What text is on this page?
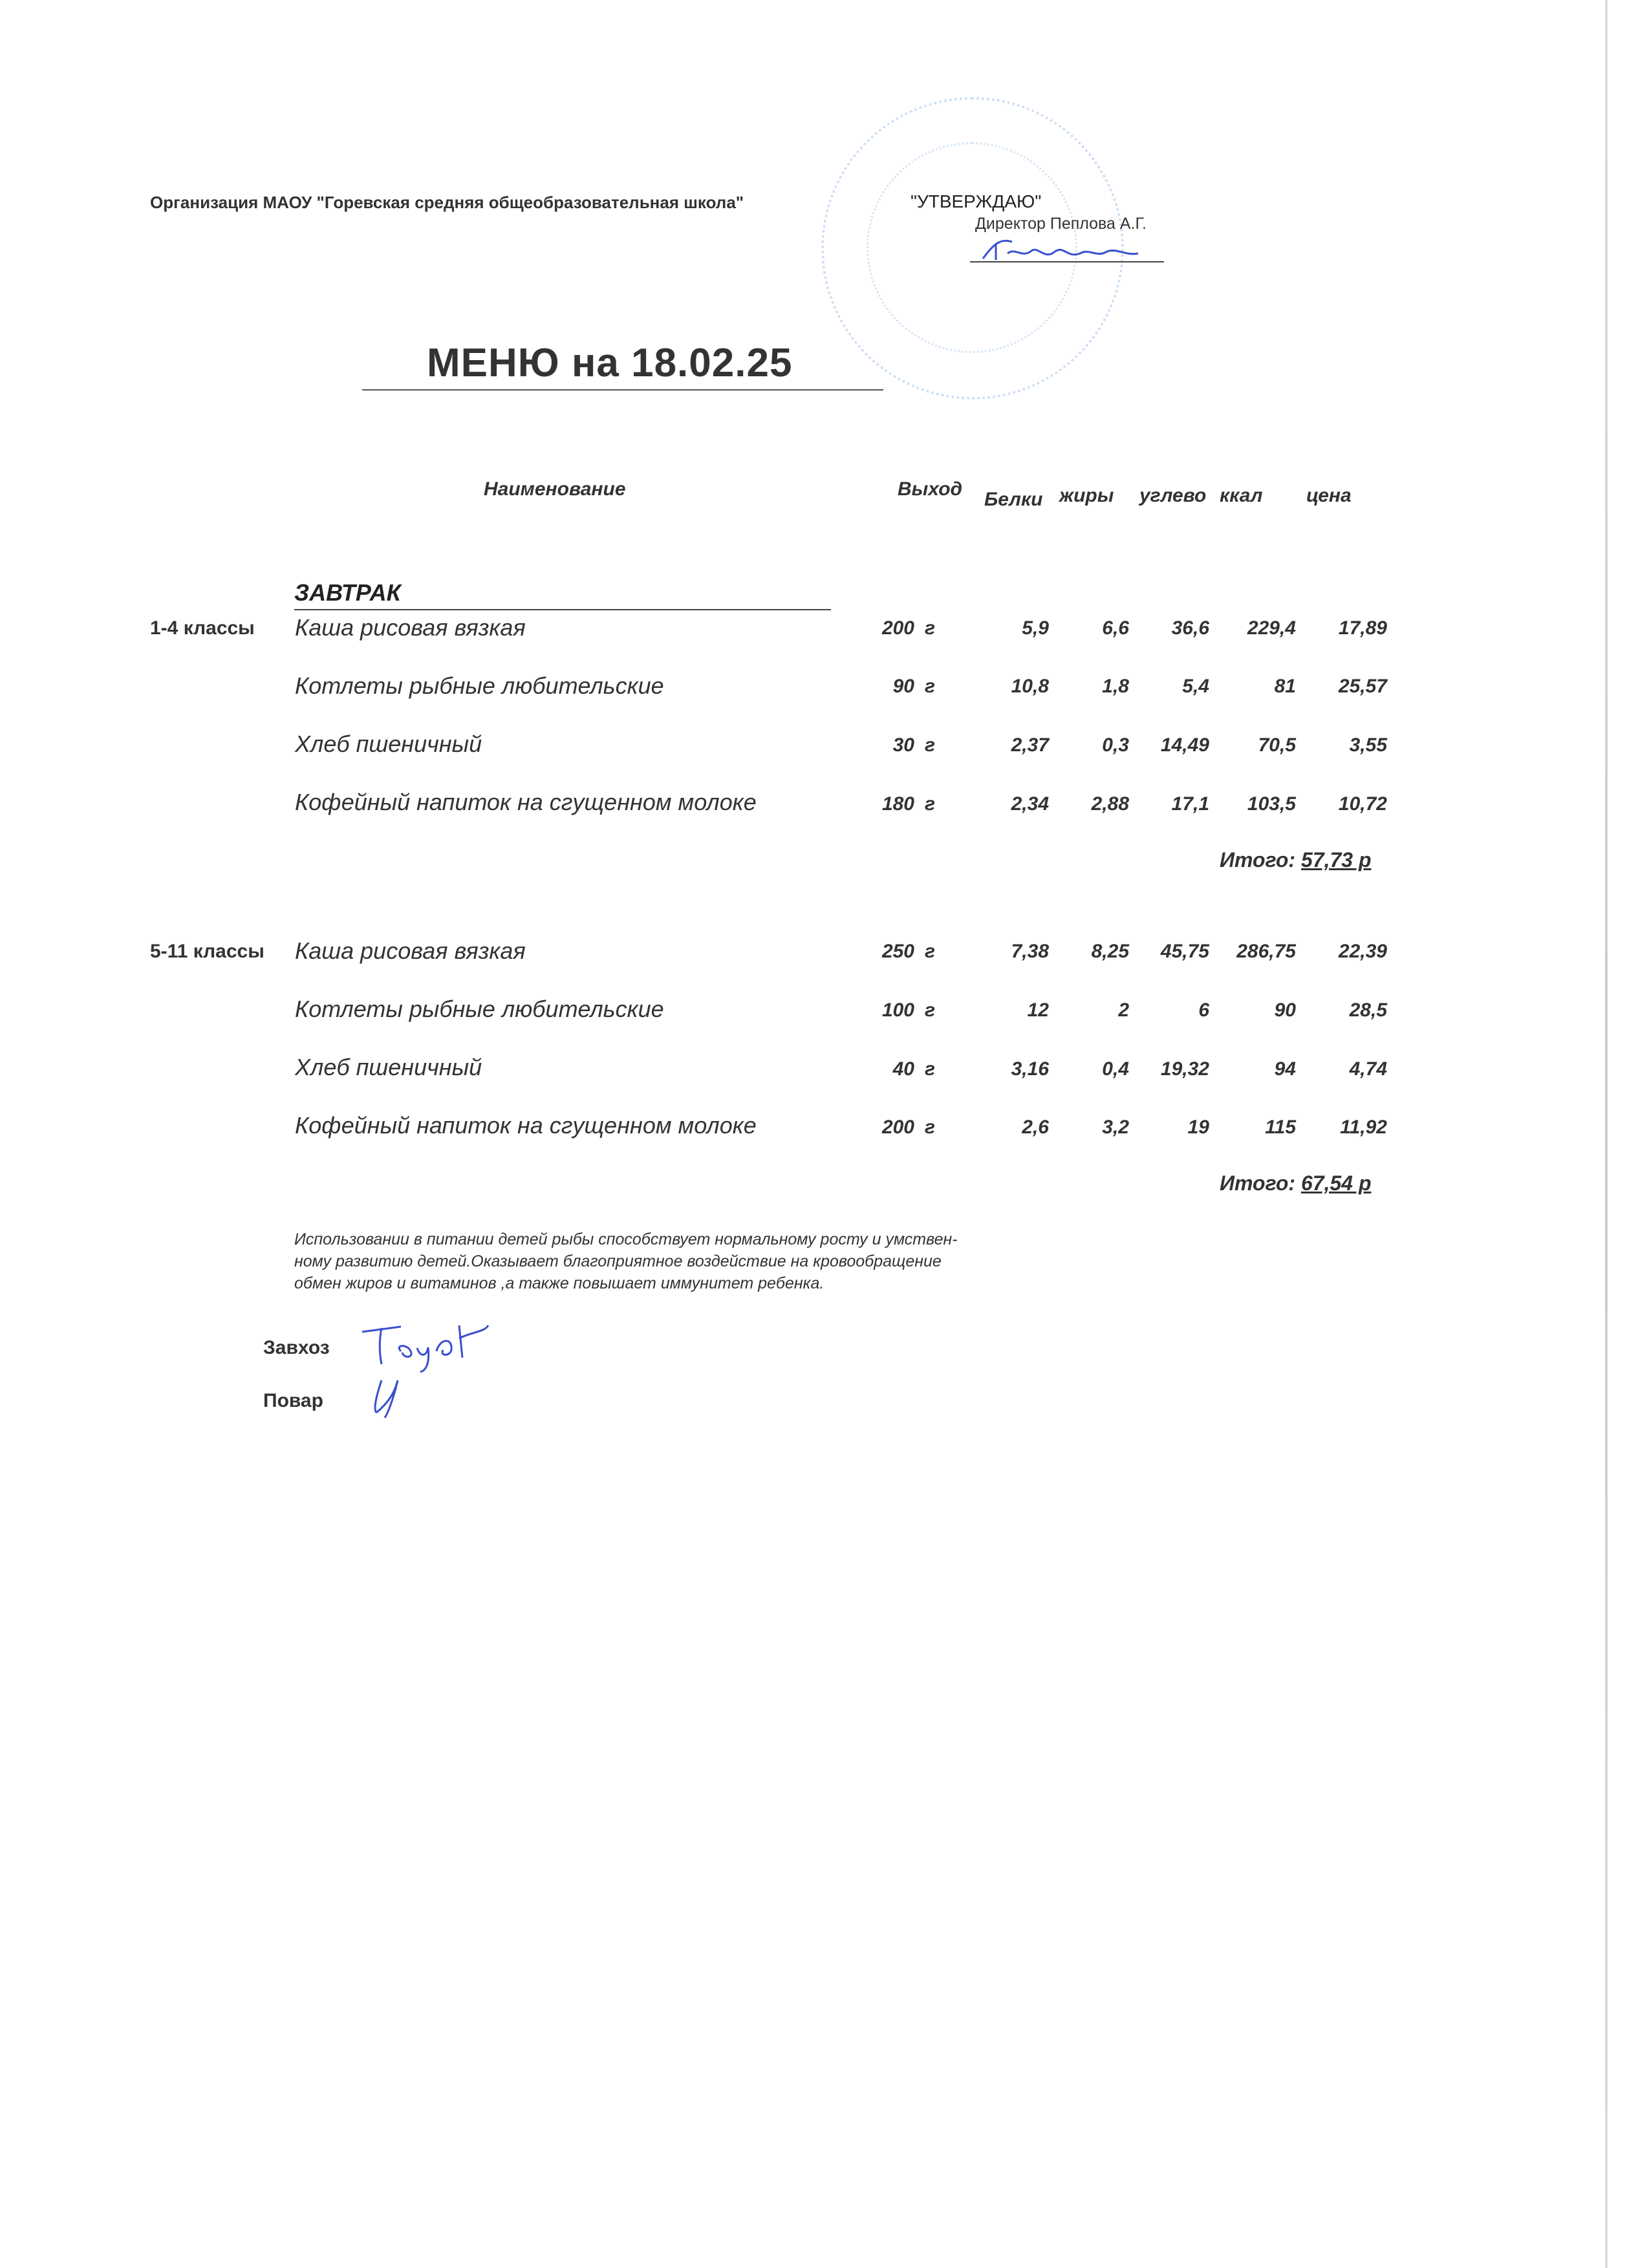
Организация МАОУ "Горевская средняя общеобразовательная школа"	"УТВЕРЖДАЮ"
Директор Пеплова А.Г.
МЕНЮ на 18.02.25
Наименование	Выход Белки жиры углево ккал цена
ЗАВТРАК
1-4 классы Каша рисовая вязкая	200 г	5,9	6,6 36,6 229,4 17,89
Котлеты рыбные любительские	90 г	10,8	1,8	5,4	81 25,57
Хлеб пшеничный	30 г	2,37	0,3 14,49	70,5	3,55
Кофейный напиток на сгущенном молоке	180 г	2,34 2,88 17,1 103,5 10,72
Итого: 57,73 р
5-11 классы Каша рисовая вязкая	250 г	7,38 8,25 45,75 286,75 22,39
Котлеты рыбные любительские	100 г	12	2	6	90	28,5
Хлеб пшеничный	40 г	3,16	0,4 19,32	94	4,74
Кофейный напиток на сгущенном молоке	200 г	2,6	3,2	19	115 11,92
Итого: 67,54 р
Использовании в питании детей рыбы способствует нормальному росту и умствен-
ному развитию детей.Оказывает благоприятное воздействие на кровообращение
обмен жиров и витаминов ,а также повышает иммунитет ребенка.
Завхоз
Повар
